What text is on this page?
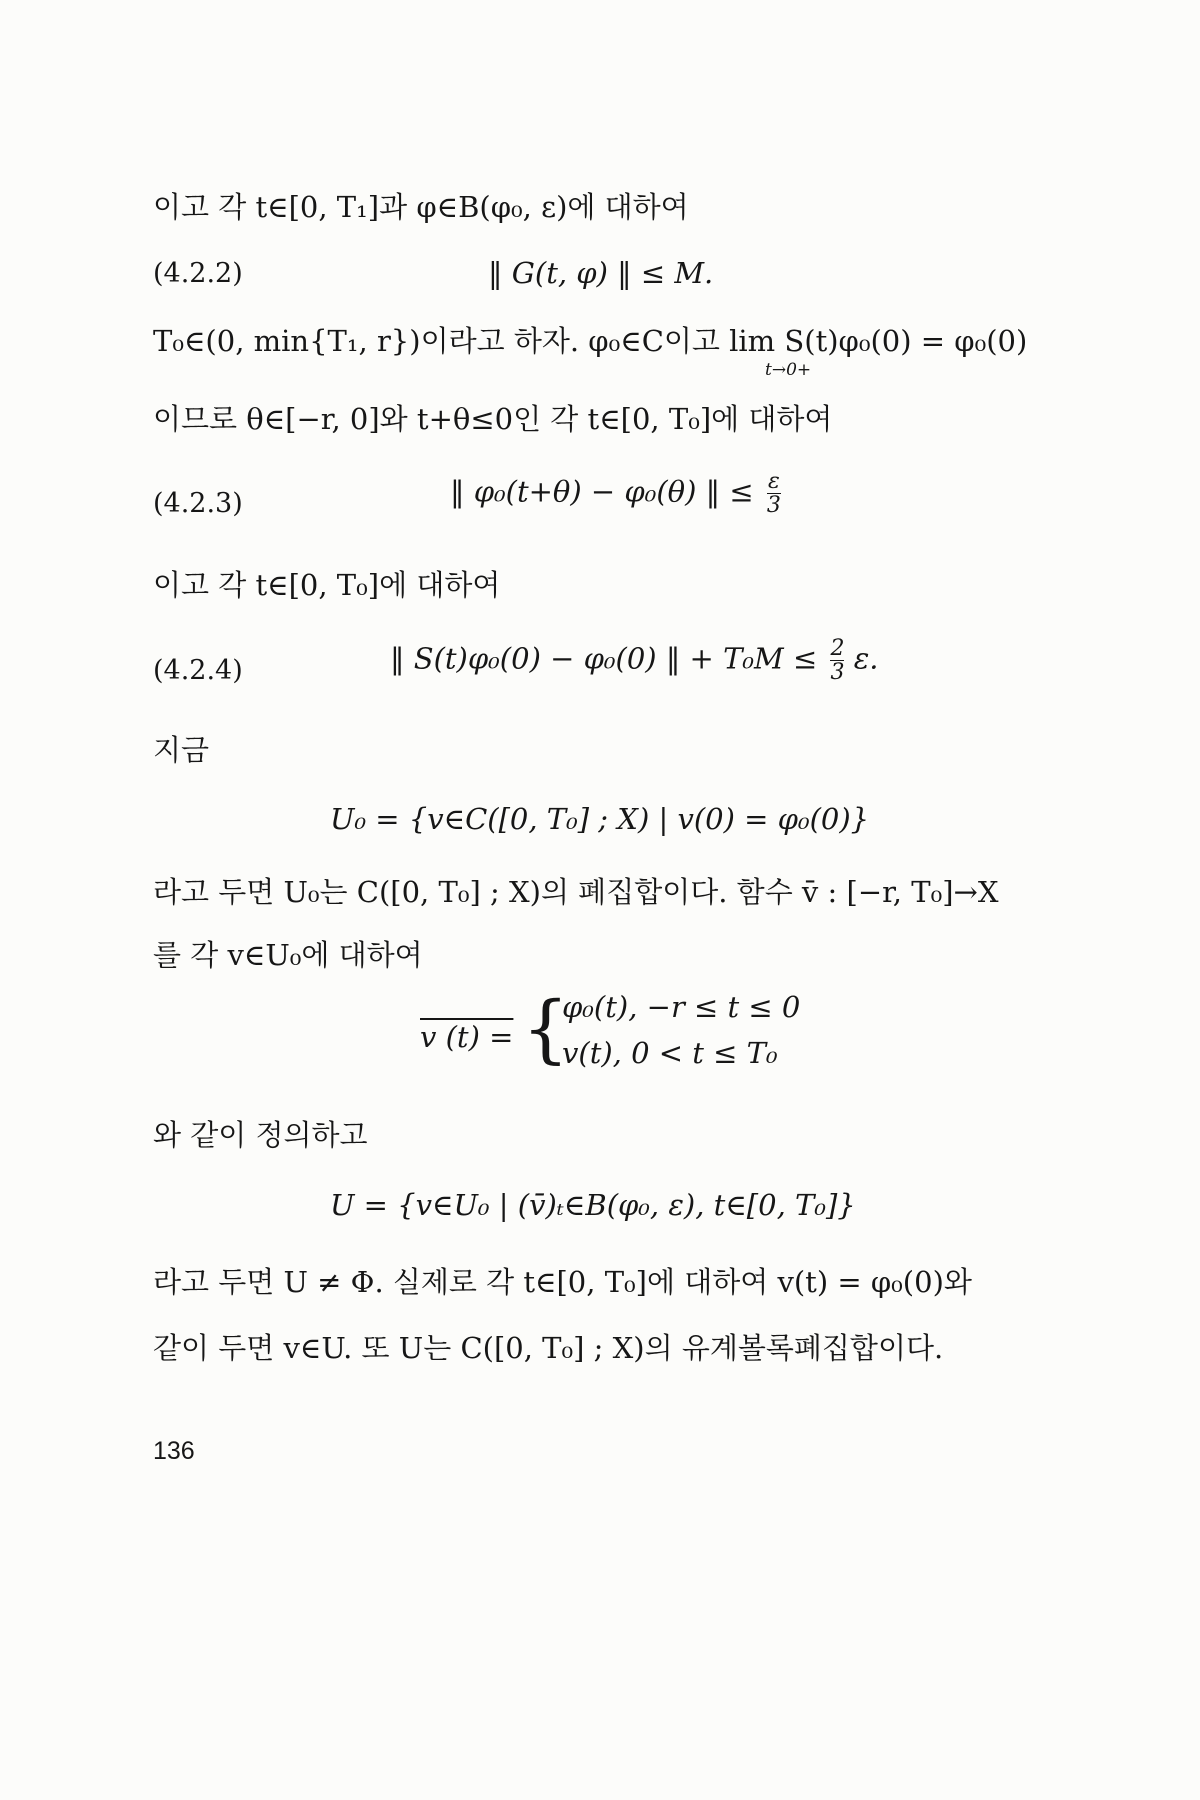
이고 각 t∈[0, T₁]과 φ∈B(φ₀, ε)에 대하여
(4.2.2)	‖ G(t, φ) ‖ ≤ M.
T₀∈(0, min{T₁, r})이라고 하자. φ₀∈C이고 lim S(t)φ₀(0) = φ₀(0)
t→0+
이므로 θ∈[−r, 0]와 t+θ≤0인 각 t∈[0, T₀]에 대하여
(4.2.3)	‖ φ₀(t+θ) − φ₀(θ) ‖ ≤ $\frac{\varepsilon}{3}$
이고 각 t∈[0, T₀]에 대하여
(4.2.4)	‖ S(t)φ₀(0) − φ₀(0) ‖ + $T_0M \le \frac{2}{3} \varepsilon$.
지금
U₀ = {v∈C([0, T₀] ; X) | v(0) = φ₀(0)}
라고 두면 U₀는 C([0, T₀] ; X)의 폐집합이다. 함수 v̄ : [−r, T₀]→X
를 각 v∈U₀에 대하여
v (t) = {
φ₀(t), −r ≤ t ≤ 0
v(t), 0 < t ≤ T₀
와 같이 정의하고
U = {v∈U₀ | (v̄)ₜ∈B(φ₀, ε), t∈[0, T₀]}
라고 두면 U ≠ Φ. 실제로 각 t∈[0, T₀]에 대하여 v(t) = φ₀(0)와
같이 두면 v∈U. 또 U는 C([0, T₀] ; X)의 유계볼록폐집합이다.
136
